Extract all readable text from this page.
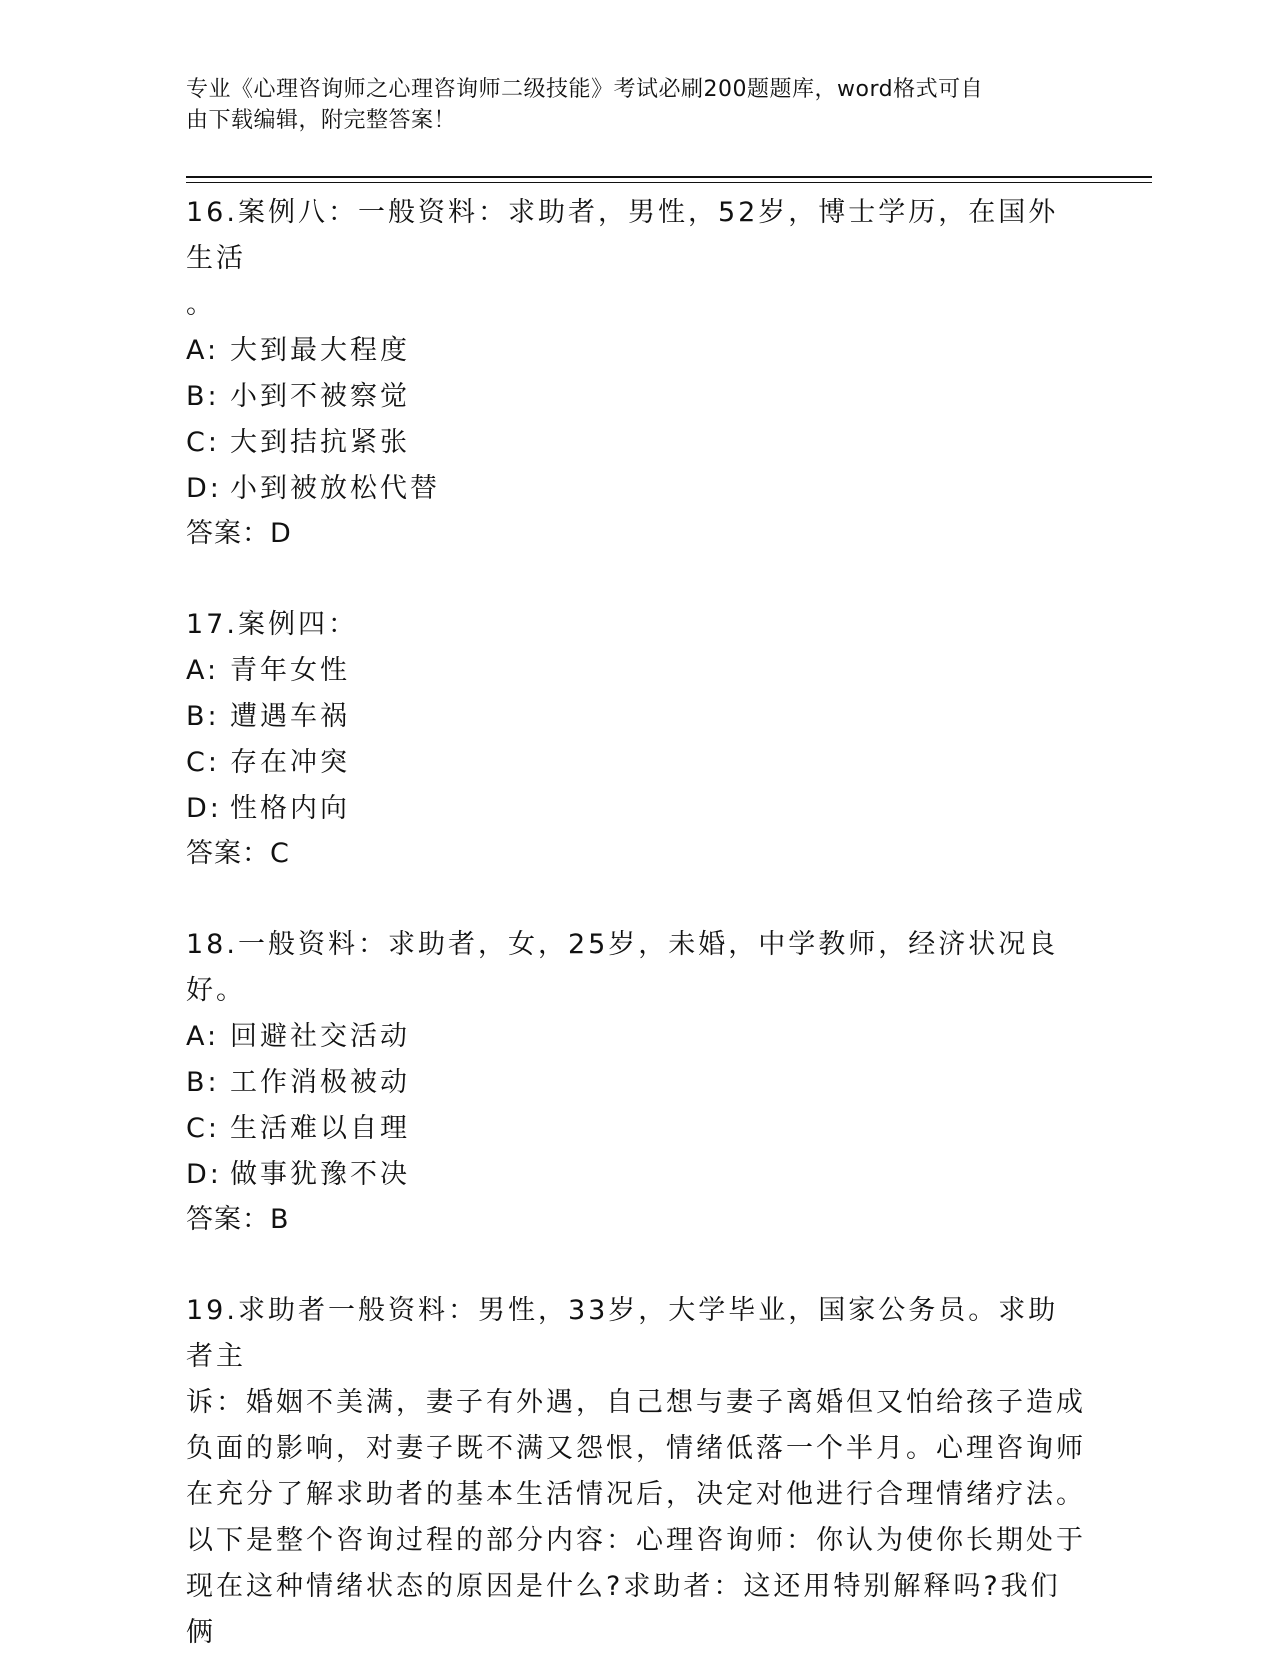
专业《心理咨询师之心理咨询师二级技能》考试必刷200题题库，word格式可自
由下载编辑，附完整答案！
16.案例八：一般资料：求助者，男性，52岁，博士学历，在国外生活
。
A: 大到最大程度
B: 小到不被察觉
C: 大到拮抗紧张
D: 小到被放松代替
答案：D
17.案例四：
A: 青年女性
B: 遭遇车祸
C: 存在冲突
D: 性格内向
答案：C
18.一般资料：求助者，女，25岁，未婚，中学教师，经济状况良好。
A: 回避社交活动
B: 工作消极被动
C: 生活难以自理
D: 做事犹豫不决
答案：B
19.求助者一般资料：男性，33岁，大学毕业，国家公务员。求助者主
诉：婚姻不美满，妻子有外遇，自己想与妻子离婚但又怕给孩子造成
负面的影响，对妻子既不满又怨恨，情绪低落一个半月。心理咨询师
在充分了解求助者的基本生活情况后，决定对他进行合理情绪疗法。
以下是整个咨询过程的部分内容：心理咨询师：你认为使你长期处于
现在这种情绪状态的原因是什么?求助者：这还用特别解释吗?我们俩
